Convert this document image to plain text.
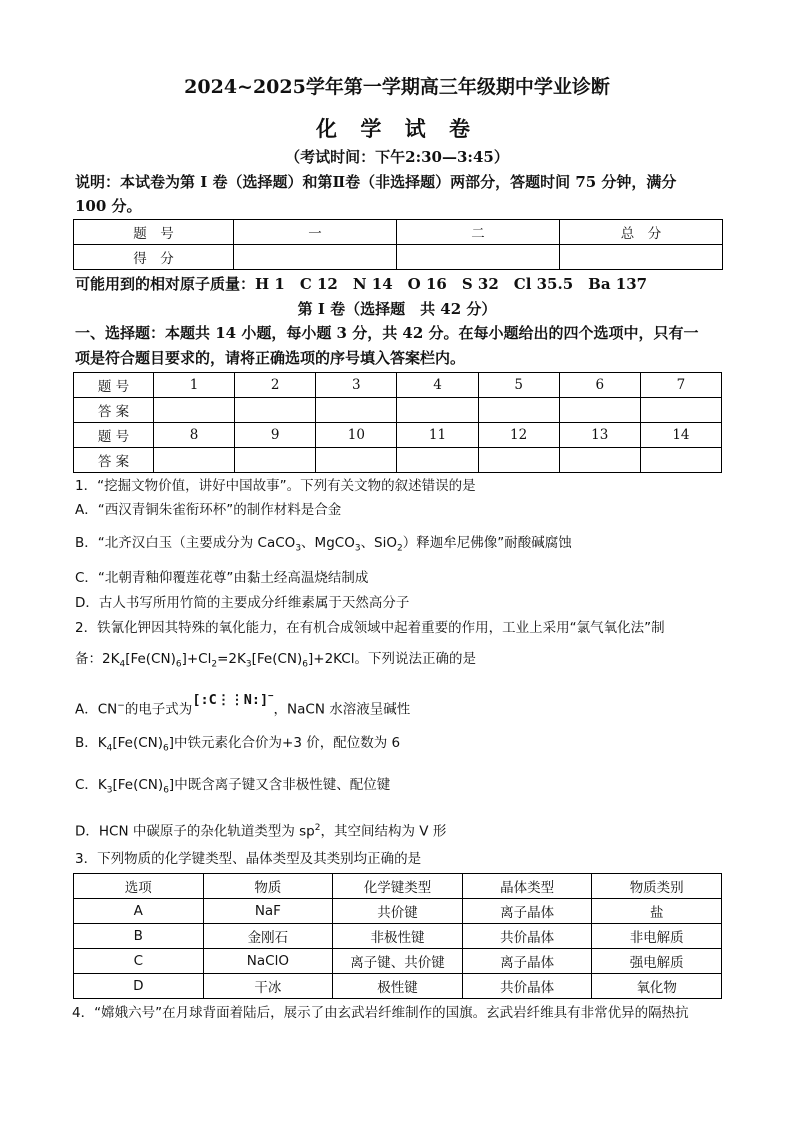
2024~2025学年第一学期高三年级期中学业诊断
化 学 试 卷
（考试时间：下午2:30—3:45）
说明：本试卷为第 I 卷（选择题）和第Ⅱ卷（非选择题）两部分，答题时间 75 分钟，满分
100 分。
题　号	一	二	总　分
得　分			
可能用到的相对原子质量：H 1　C 12　N 14　O 16　S 32　Cl 35.5　Ba 137
第 I 卷（选择题　共 42 分）
一、选择题：本题共 14 小题，每小题 3 分，共 42 分。在每小题给出的四个选项中，只有一
项是符合题目要求的，请将正确选项的序号填入答案栏内。
题 号	1	2	3	4	5	6	7
答 案							
题 号	8	9	10	11	12	13	14
答 案							
1．“挖掘文物价值，讲好中国故事”。下列有关文物的叙述错误的是
A．“西汉青铜朱雀衔环杯”的制作材料是合金
B．“北齐汉白玉（主要成分为 CaCO$_3$、MgCO$_3$、SiO$_2$）释迦牟尼佛像”耐酸碱腐蚀
C．“北朝青釉仰覆莲花尊”由黏土经高温烧结制成
D．古人书写所用竹简的主要成分纤维素属于天然高分子
2．铁氰化钾因其特殊的氧化能力，在有机合成领域中起着重要的作用，工业上采用“氯气氧化法”制
备：$2K_4[Fe(CN)_6]+Cl_2=2K_3[Fe(CN)_6]+2KCl$。下列说法正确的是
A．CN−的电子式为[:C⋮⋮N:]−，NaCN 水溶液呈碱性
B．$K_4[Fe(CN)_6]$中铁元素化合价为+3 价，配位数为 6
C．$K_3[Fe(CN)_6]$中既含离子键又含非极性键、配位键
D．HCN 中碳原子的杂化轨道类型为 $sp^2$，其空间结构为 V 形
3．下列物质的化学键类型、晶体类型及其类别均正确的是
选项	物质	化学键类型	晶体类型	物质类别
A	NaF	共价键	离子晶体	盐
B	金刚石	非极性键	共价晶体	非电解质
C	NaClO	离子键、共价键	离子晶体	强电解质
D	干冰	极性键	共价晶体	氧化物
4．“嫦娥六号”在月球背面着陆后，展示了由玄武岩纤维制作的国旗。玄武岩纤维具有非常优异的隔热抗
